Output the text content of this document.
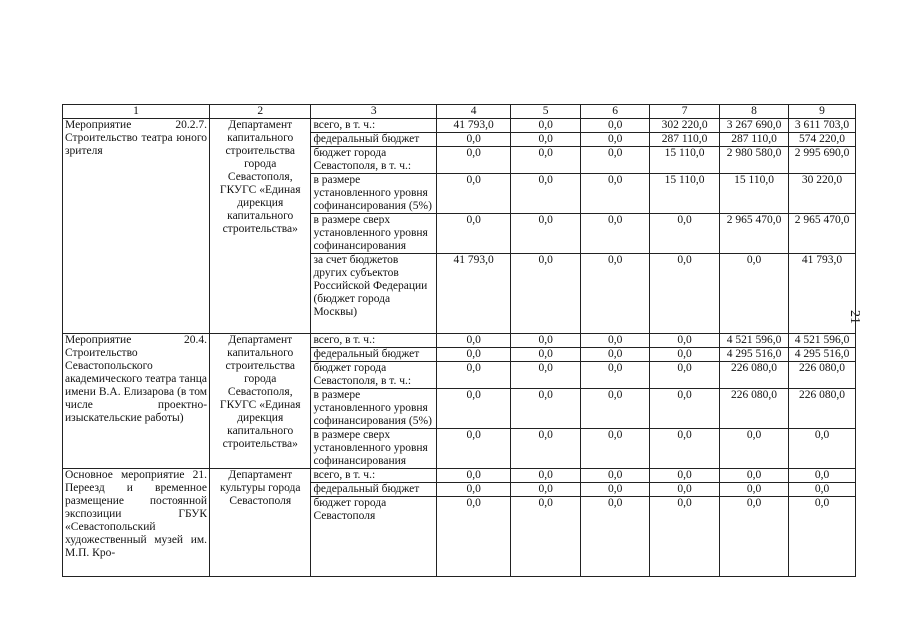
21
1	2	3	4	5	6	7	8	9
Мероприятие 20.2.7. Строительство театра юного зрителя	Департамент капитального строительства города Севастополя, ГКУГС «Единая дирекция капитального строительства»	всего, в т. ч.:	41 793,0	0,0	0,0	302 220,0	3 267 690,0	3 611 703,0
		федеральный бюджет	0,0	0,0	0,0	287 110,0	287 110,0	574 220,0
		бюджет города Севастополя, в т. ч.:	0,0	0,0	0,0	15 110,0	2 980 580,0	2 995 690,0
		в размере установленного уровня софинансирования (5%)	0,0	0,0	0,0	15 110,0	15 110,0	30 220,0
		в размере сверх установленного уровня софинансирования	0,0	0,0	0,0	0,0	2 965 470,0	2 965 470,0
		за счет бюджетов других субъектов Российской Федерации (бюджет города Москвы)	41 793,0	0,0	0,0	0,0	0,0	41 793,0
Мероприятие 20.4. Строительство Севастопольского академического театра танца имени В.А. Елизарова (в том числе проектно-изыскательские работы)	Департамент капитального строительства города Севастополя, ГКУГС «Единая дирекция капитального строительства»	всего, в т. ч.:	0,0	0,0	0,0	0,0	4 521 596,0	4 521 596,0
		федеральный бюджет	0,0	0,0	0,0	0,0	4 295 516,0	4 295 516,0
		бюджет города Севастополя, в т. ч.:	0,0	0,0	0,0	0,0	226 080,0	226 080,0
		в размере установленного уровня софинансирования (5%)	0,0	0,0	0,0	0,0	226 080,0	226 080,0
		в размере сверх установленного уровня софинансирования	0,0	0,0	0,0	0,0	0,0	0,0
Основное мероприятие 21. Переезд и временное размещение постоянной экспозиции ГБУК «Севастопольский художественный музей им. М.П. Кро-	Департамент культуры города Севастополя	всего, в т. ч.:	0,0	0,0	0,0	0,0	0,0	0,0
		федеральный бюджет	0,0	0,0	0,0	0,0	0,0	0,0
		бюджет города Севастополя	0,0	0,0	0,0	0,0	0,0	0,0
